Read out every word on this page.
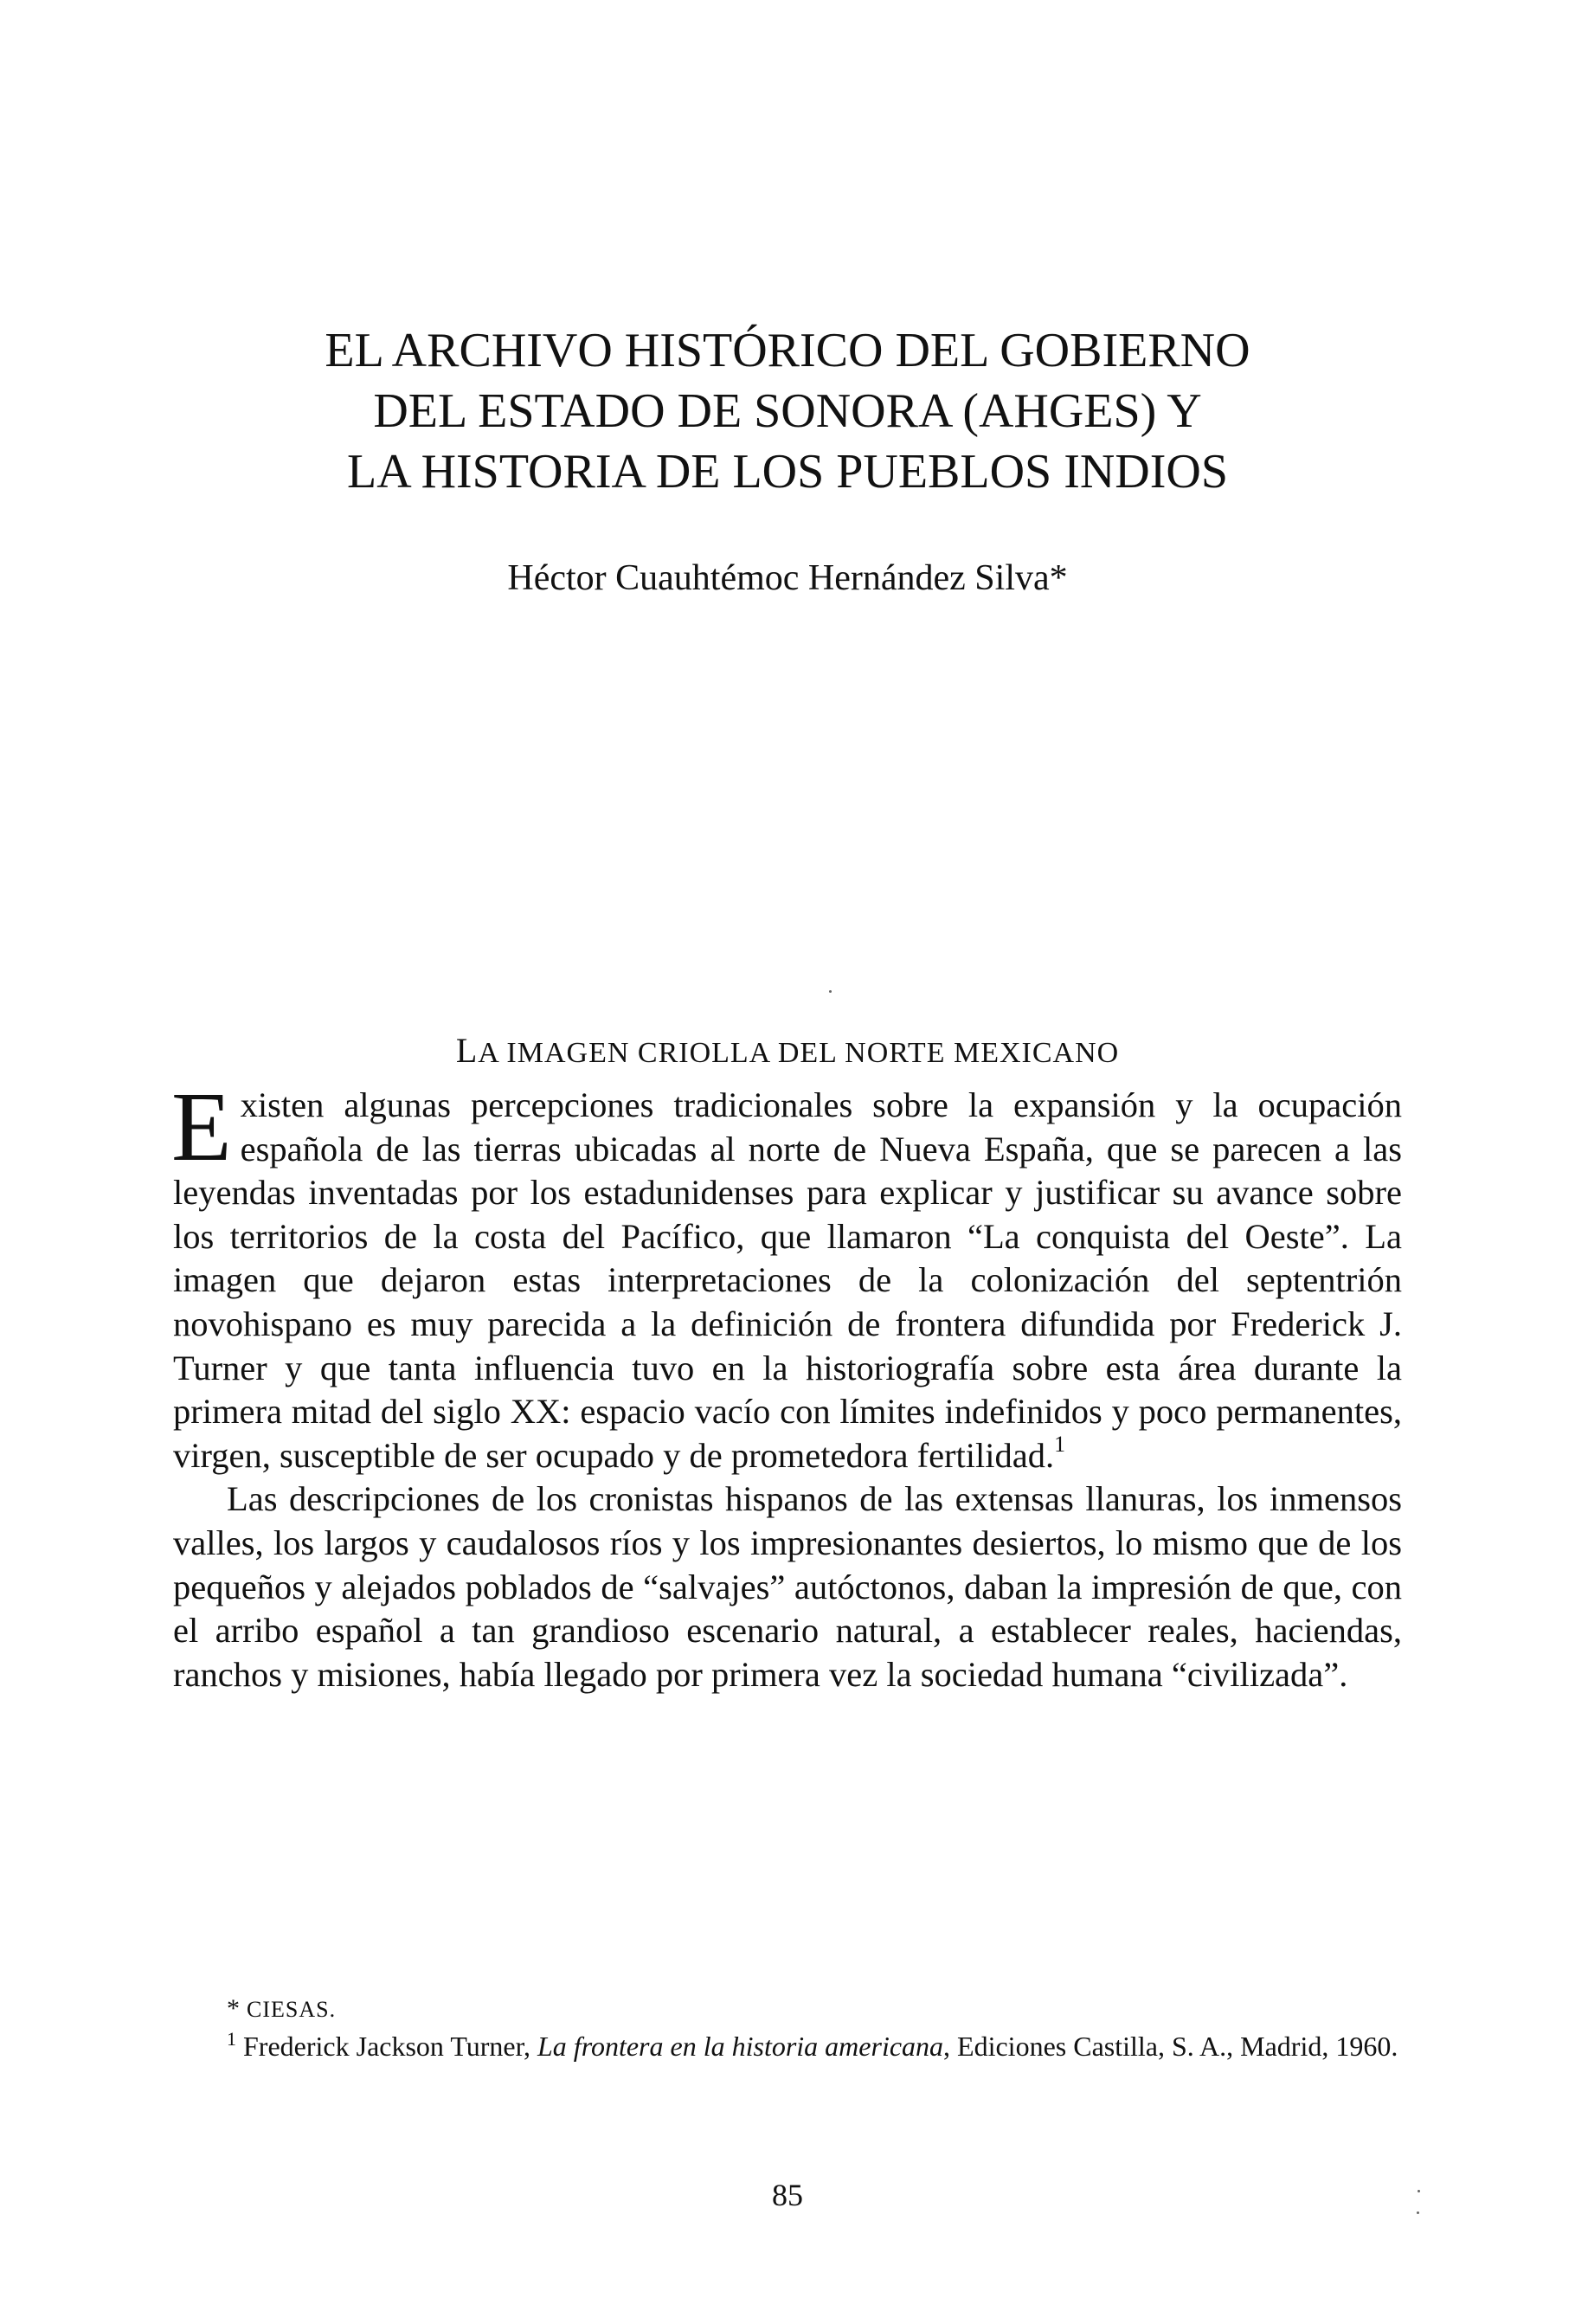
EL ARCHIVO HISTÓRICO DEL GOBIERNO
DEL ESTADO DE SONORA (AHGES) Y
LA HISTORIA DE LOS PUEBLOS INDIOS
Héctor Cuauhtémoc Hernández Silva*
LA IMAGEN CRIOLLA DEL NORTE MEXICANO

Existen algunas percepciones tradicionales sobre la expansión y la ocupación española de las tierras ubicadas al norte de Nueva España, que se parecen a las leyendas inventadas por los estadunidenses para explicar y justificar su avance sobre los territorios de la costa del Pacífico, que llamaron “La conquista del Oeste”. La imagen que dejaron estas interpretaciones de la colonización del septentrión novohispano es muy parecida a la definición de frontera difundida por Frederick J. Turner y que tanta influencia tuvo en la historiografía sobre esta área durante la primera mitad del siglo XX: espacio vacío con límites indefinidos y poco permanentes, virgen, susceptible de ser ocupado y de prometedora fertilidad.$^1$

Las descripciones de los cronistas hispanos de las extensas llanuras, los inmensos valles, los largos y caudalosos ríos y los impresionantes desiertos, lo mismo que de los pequeños y alejados poblados de “salvajes” autóctonos, daban la impresión de que, con el arribo español a tan grandioso escenario natural, a establecer reales, haciendas, ranchos y misiones, había llegado por primera vez la sociedad humana “civilizada”.

* CIESAS.
$^1$ Frederick Jackson Turner, La frontera en la historia americana, Ediciones Castilla, S. A., Madrid, 1960.
85
